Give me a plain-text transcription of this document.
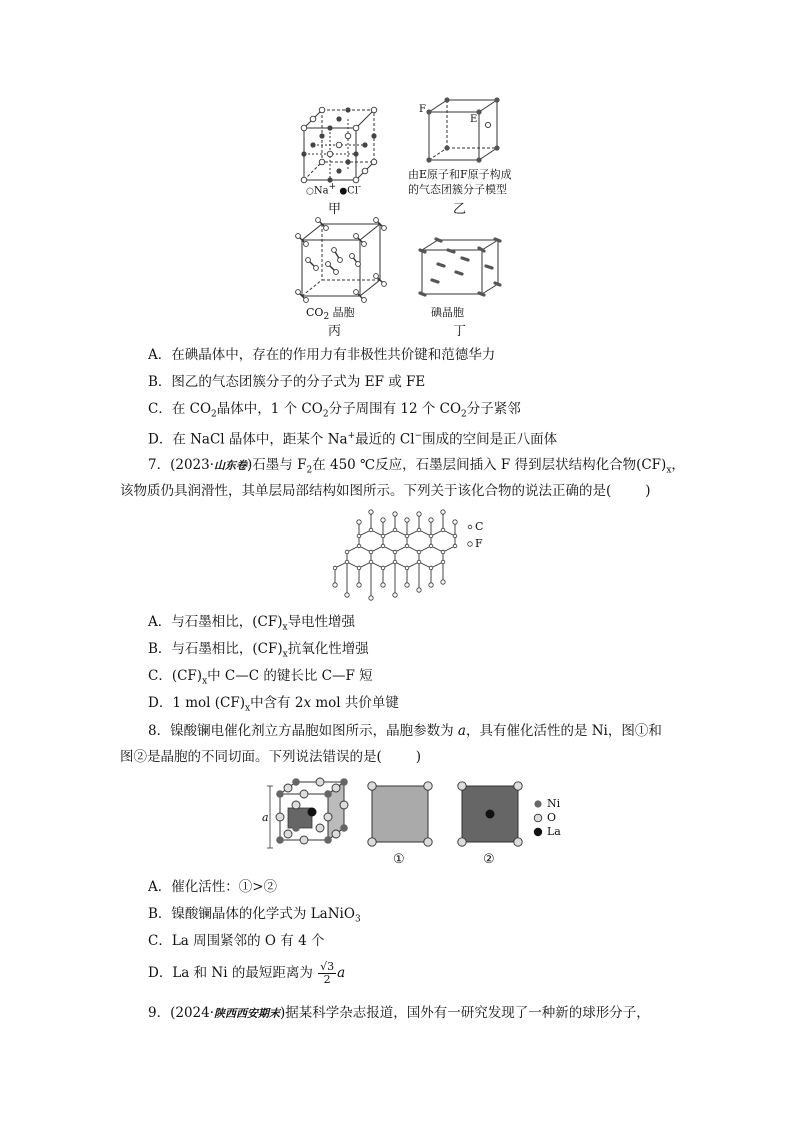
○Na+ ●Cl-
甲
F
E
由E原子和F原子构成
的气态团簇分子模型
乙
$CO_2$ 晶胞
丙
碘晶胞
丁
A．在碘晶体中，存在的作用力有非极性共价键和范德华力
B．图乙的气态团簇分子的分子式为 EF 或 FE
C．在 $CO_2$晶体中，1 个 $CO_2$分子周围有 12 个 $CO_2$分子紧邻
D．在 NaCl 晶体中，距某个 Na+最近的 Cl−围成的空间是正八面体
7．(2023·山东卷)石墨与 $F_2$在 450 ℃反应，石墨层间插入 F 得到层状结构化合物$(CF)_x$，
该物质仍具润滑性，其单层局部结构如图所示。下列关于该化合物的说法正确的是(	)
C
F
A．与石墨相比，$(CF)_x$导电性增强
B．与石墨相比，$(CF)_x$抗氧化性增强
C．$(CF)_x$中 C—C 的键长比 C—F 短
D．1 mol $(CF)_x$中含有 2x mol 共价单键
8．镍酸镧电催化剂立方晶胞如图所示，晶胞参数为 a，具有催化活性的是 Ni，图①和
图②是晶胞的不同切面。下列说法错误的是(	)
a
①	②
Ni
O
La
A．催化活性：①>②
B．镍酸镧晶体的化学式为 LaNiO$_3$
C．La 周围紧邻的 O 有 4 个
D．La 和 Ni 的最短距离为 $\frac{√3}{2}$ a
9．(2024·陕西西安期末)据某科学杂志报道，国外有一研究发现了一种新的球形分子，
